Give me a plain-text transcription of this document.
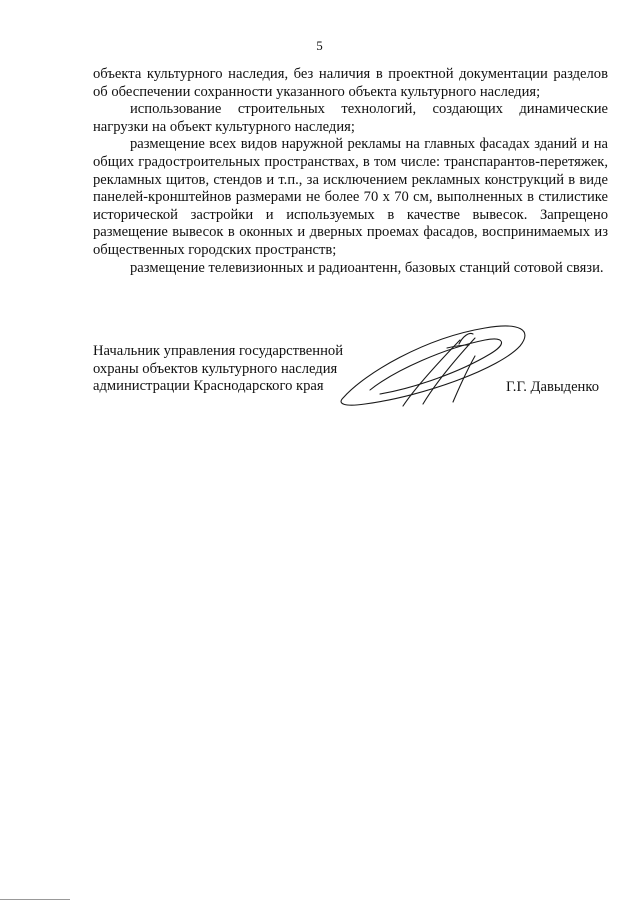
5

объекта культурного наследия, без наличия в проектной документации разделов об обеспечении сохранности указанного объекта культурного наследия;

использование строительных технологий, создающих динамические нагрузки на объект культурного наследия;

размещение всех видов наружной рекламы на главных фасадах зданий и на общих градостроительных пространствах, в том числе: транспарантов-перетяжек, рекламных щитов, стендов и т.п., за исключением рекламных конструкций в виде панелей-кронштейнов размерами не более 70 х 70 см, выполненных в стилистике исторической застройки и используемых в качестве вывесок. Запрещено размещение вывесок в оконных и дверных проемах фасадов, воспринимаемых из общественных городских пространств;

размещение телевизионных и радиоантенн, базовых станций сотовой связи.

Начальник управления государственной
охраны объектов культурного наследия
администрации Краснодарского края	Г.Г. Давыденко
